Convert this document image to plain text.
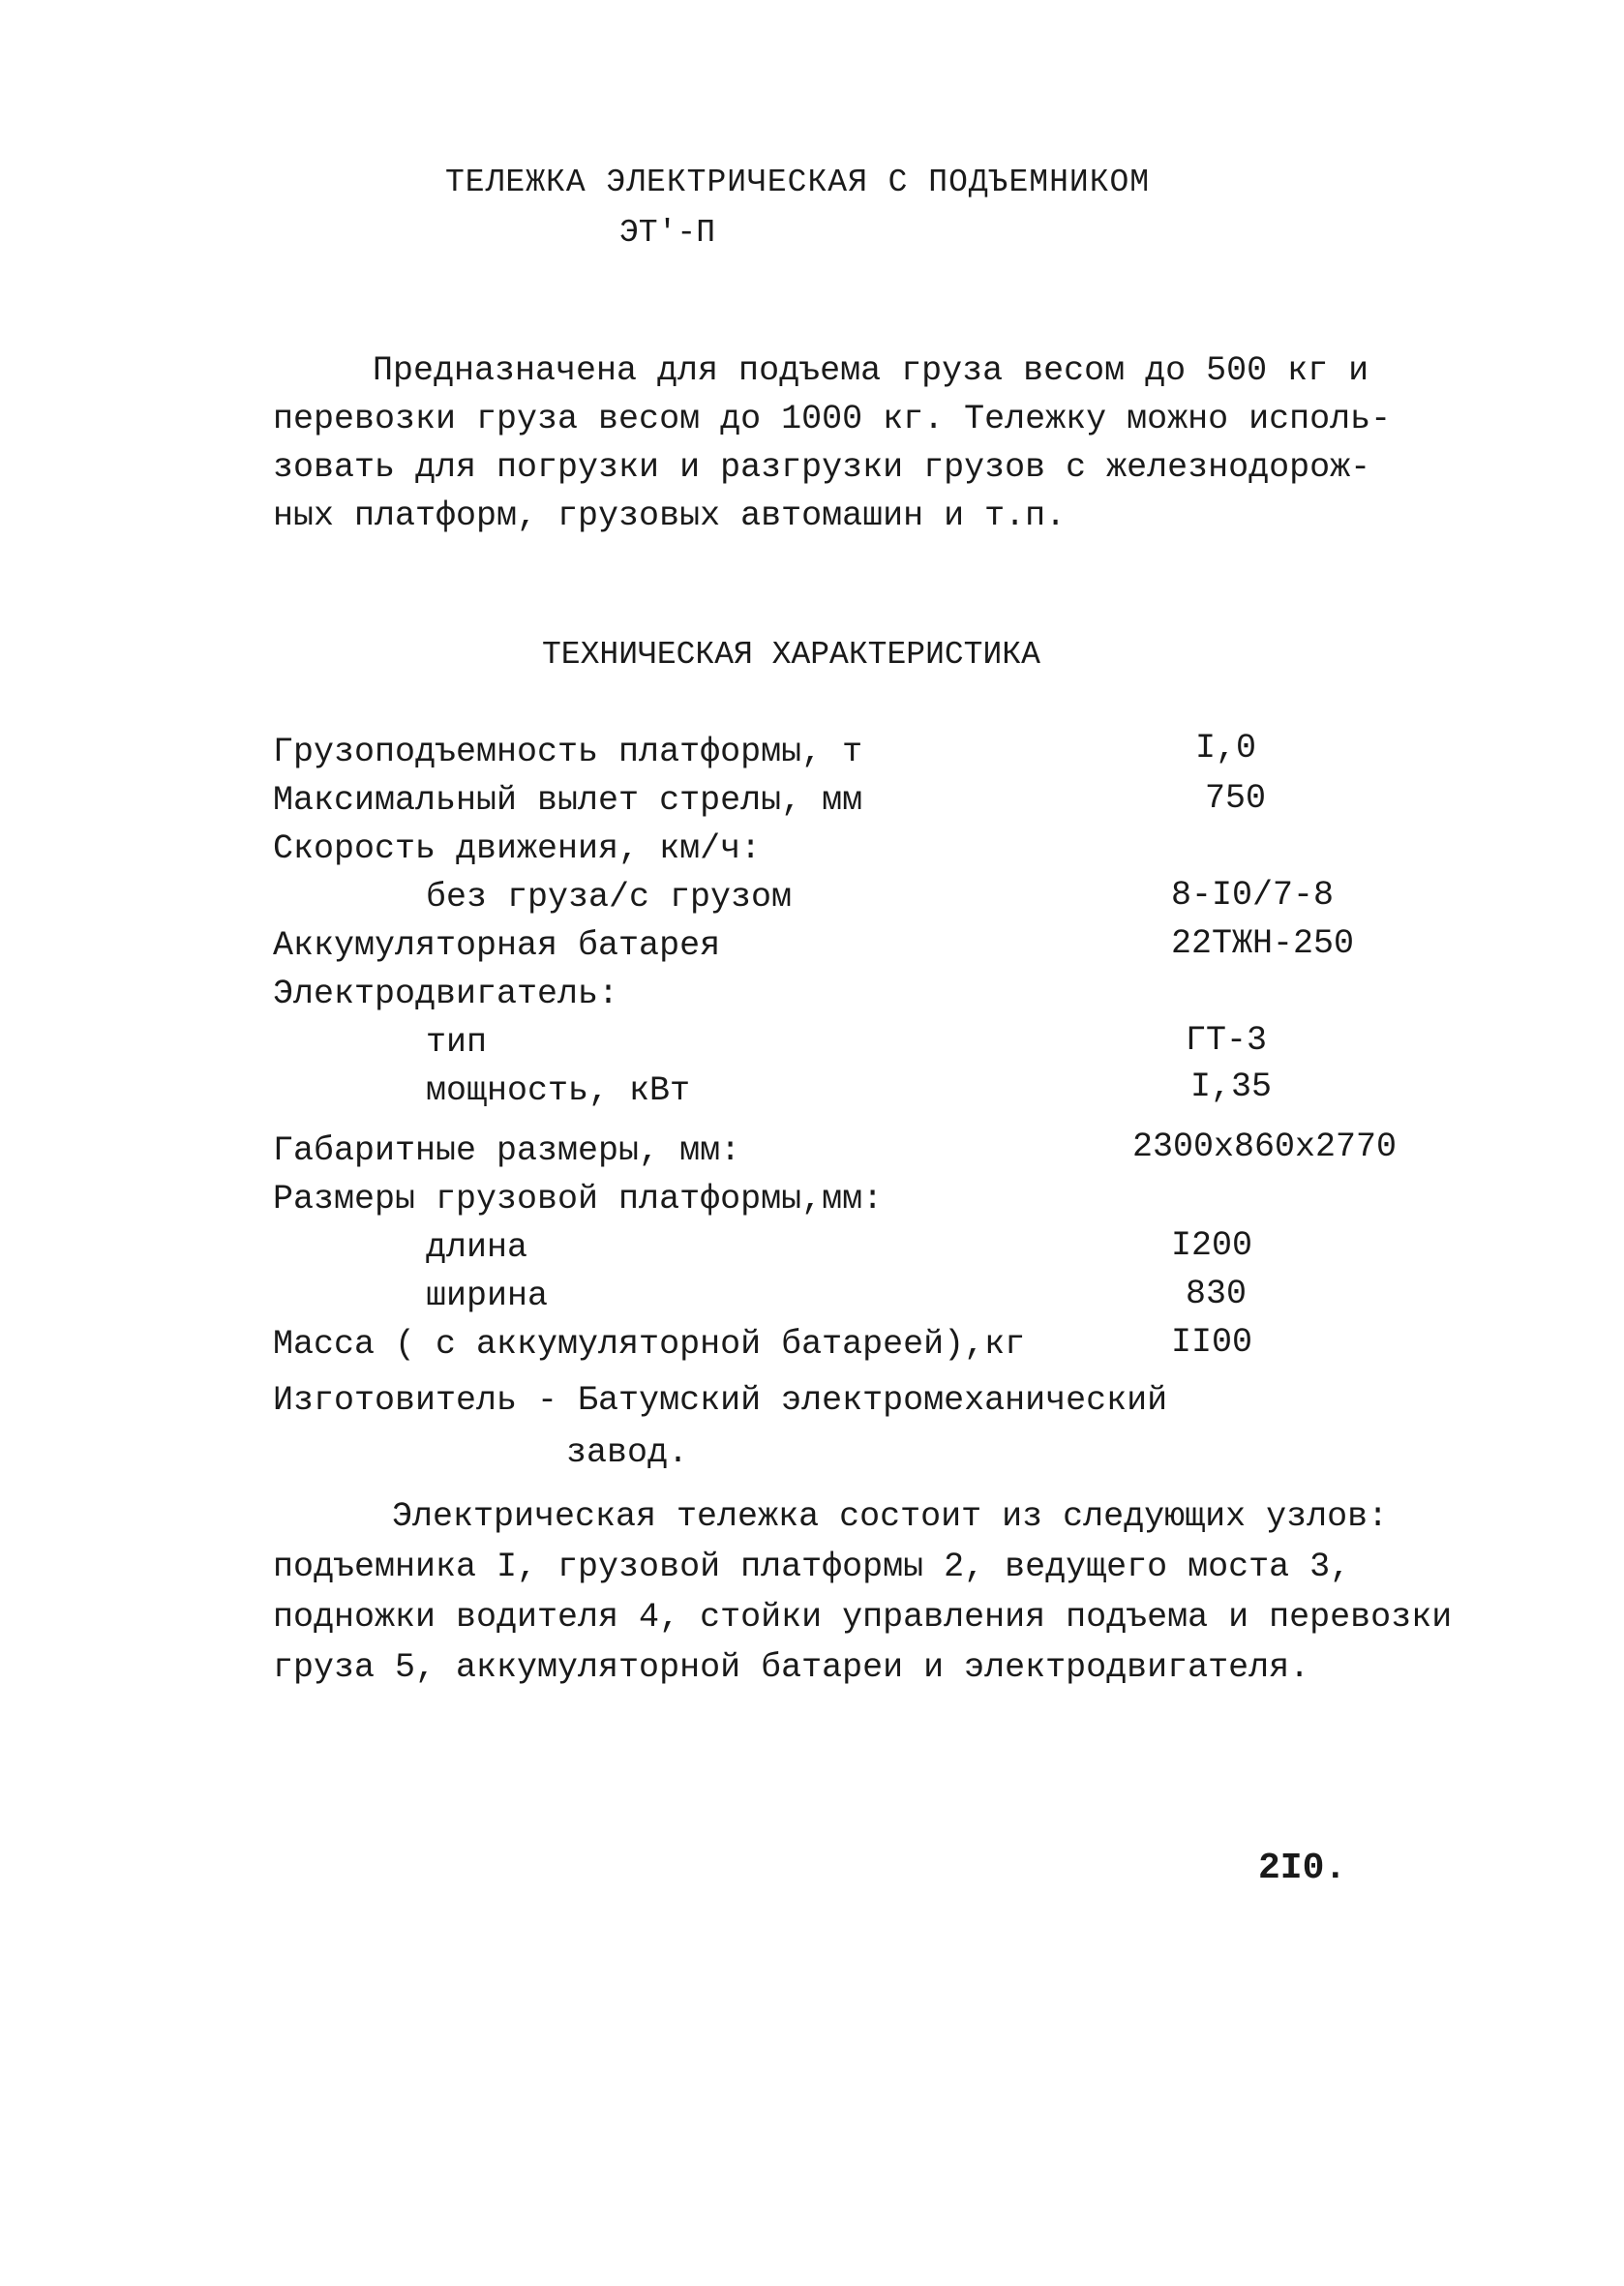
ТЕЛЕЖКА ЭЛЕКТРИЧЕСКАЯ С ПОДЪЕМНИКОМ
ЭТ'-П
Предназначена для подъема груза весом до 500 кг и
перевозки груза весом до 1000 кг. Тележку можно исполь-
зовать для погрузки и разгрузки грузов с железнодорож-
ных платформ, грузовых автомашин и т.п.
ТЕХНИЧЕСКАЯ ХАРАКТЕРИСТИКА
Грузоподъемность платформы, т	I,0
Максимальный вылет стрелы, мм	750
Скорость движения, км/ч:
без груза/с грузом	8-I0/7-8
Аккумуляторная батарея	22ТЖН-250
Электродвигатель:
тип	ГТ-3
мощность, кВт	I,35
Габаритные размеры, мм:	2300х860х2770
Размеры грузовой платформы,мм:
длина	I200
ширина	830
Масса ( с аккумуляторной батареей),кг	II00
Изготовитель - Батумский электромеханический
завод.
Электрическая тележка состоит из следующих узлов:
подъемника I, грузовой платформы 2, ведущего моста 3,
подножки водителя 4, стойки управления подъема и перевозки
груза 5, аккумуляторной батареи и электродвигателя.
2I0.
